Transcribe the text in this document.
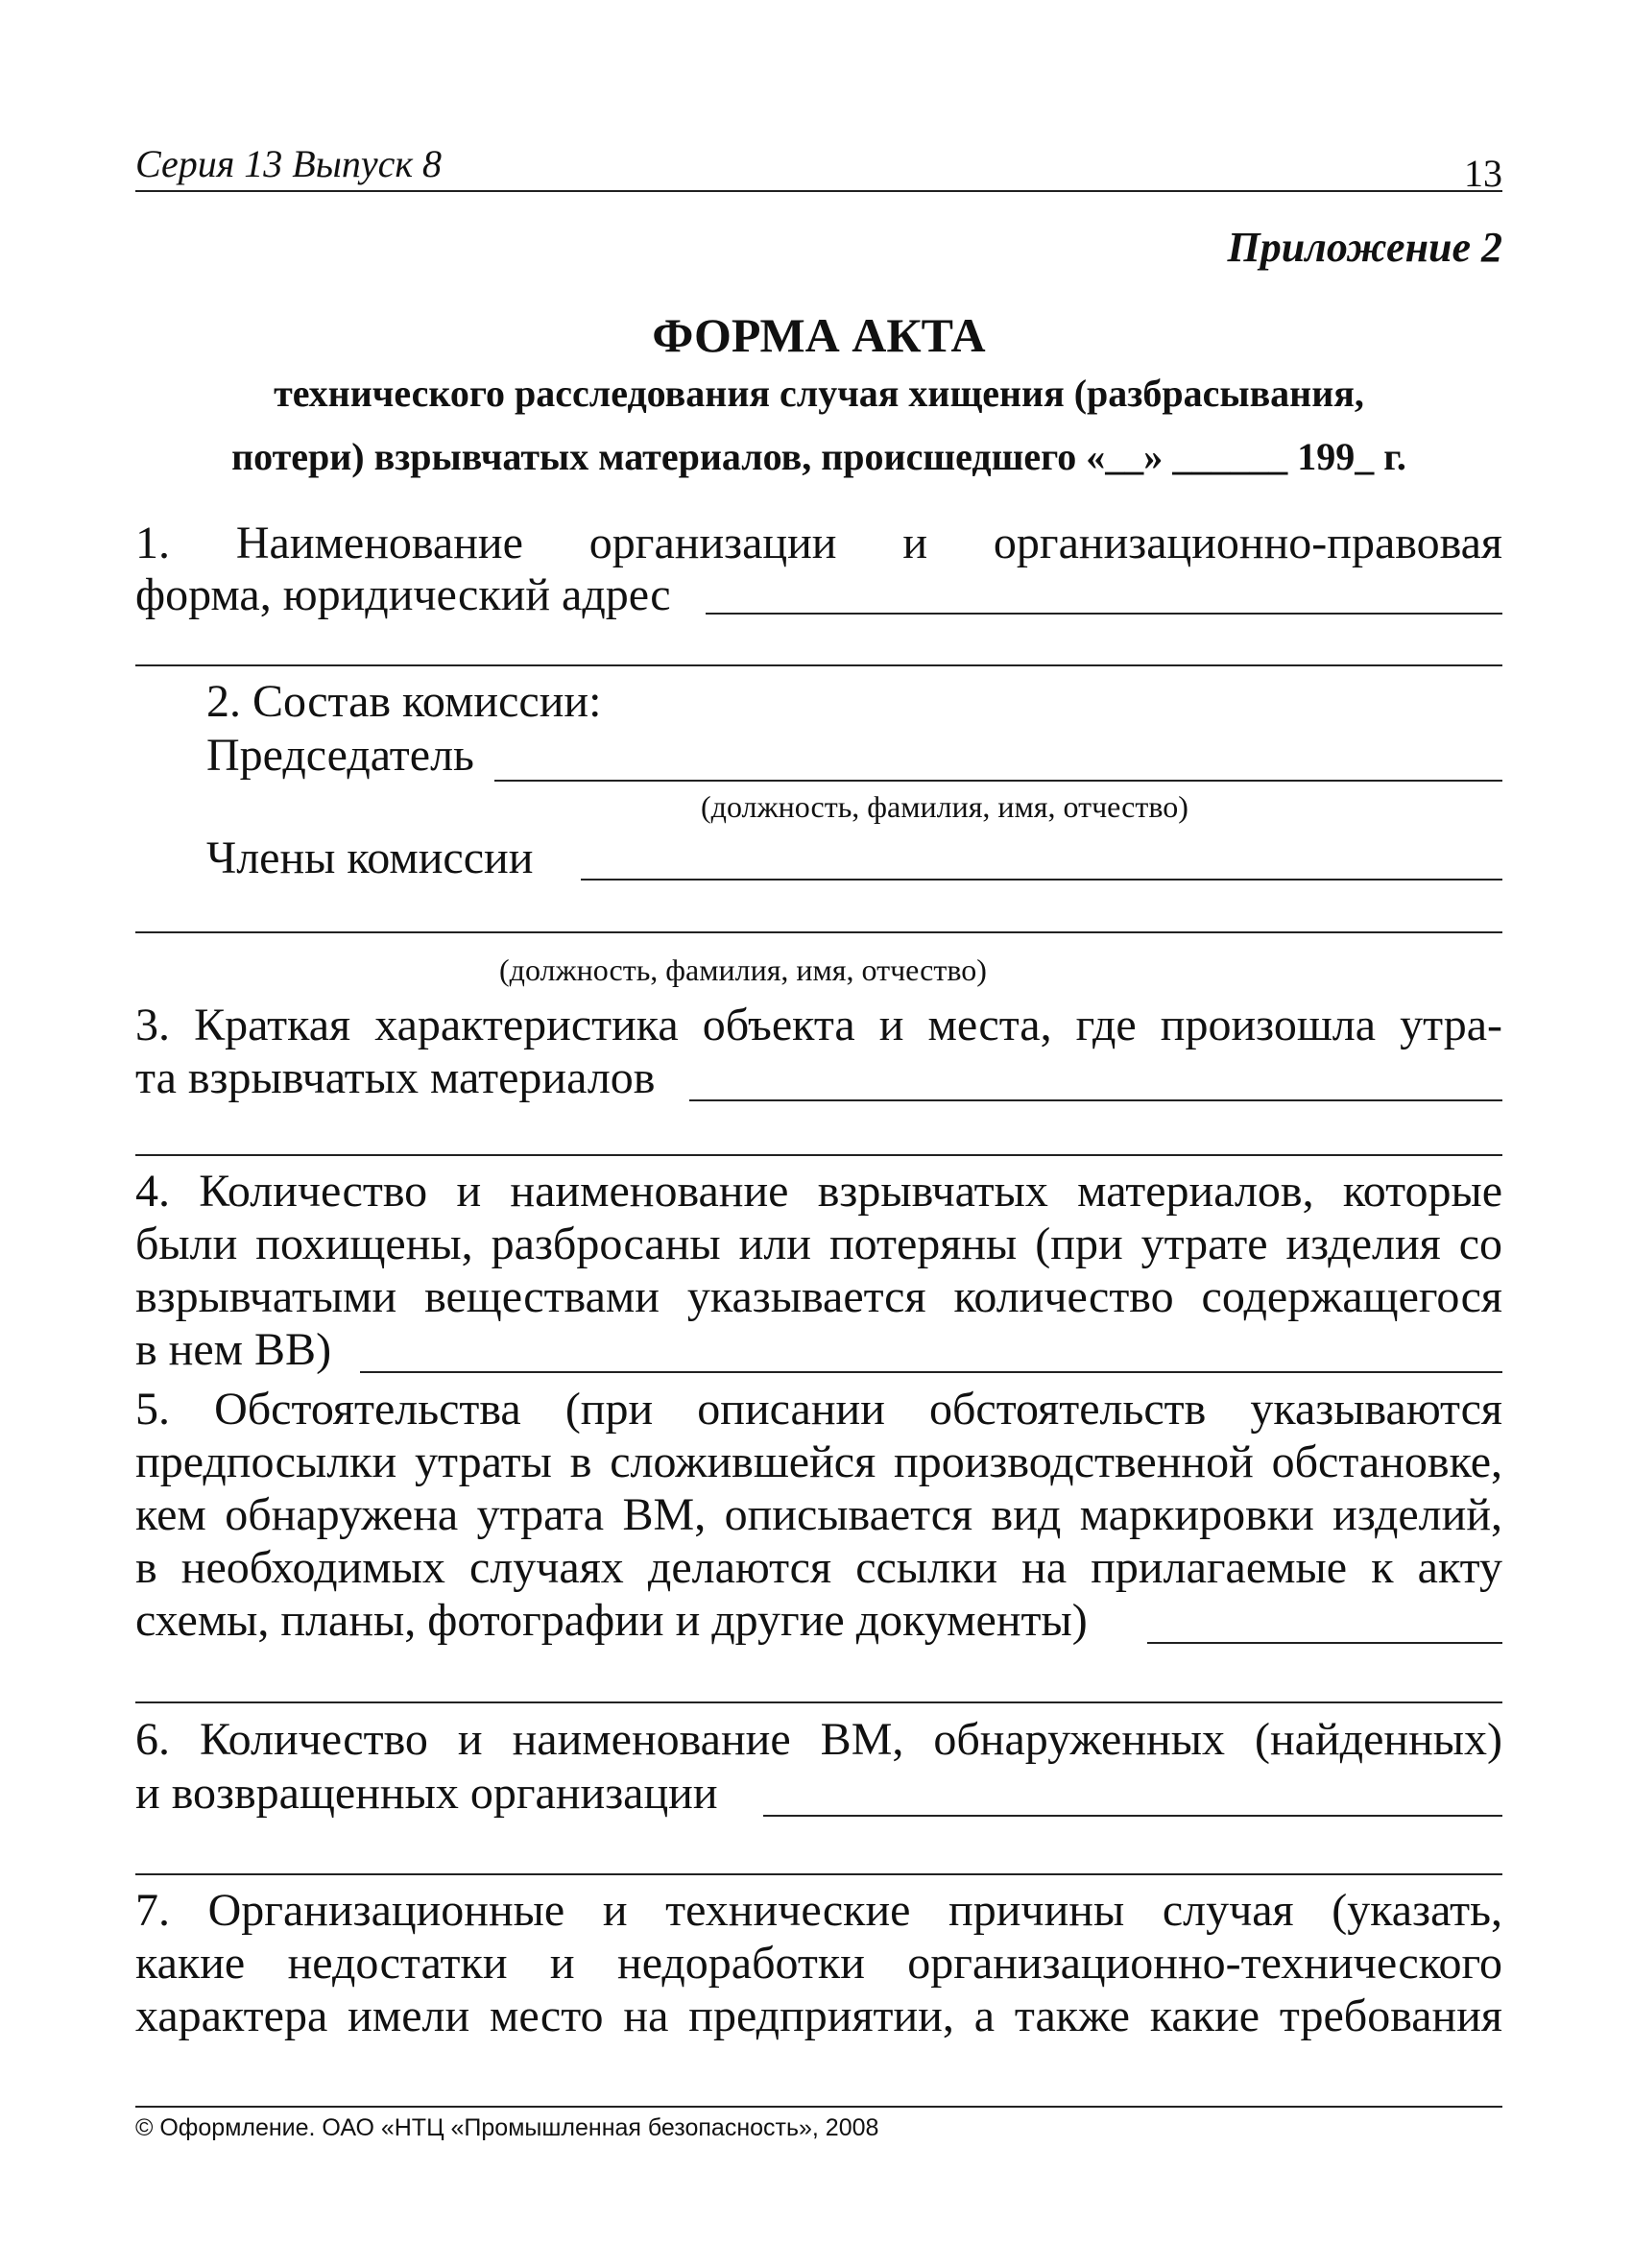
Серия 13 Выпуск 8	13
Приложение 2
ФОРМА АКТА
технического расследования случая хищения (разбрасывания,
потери) взрывчатых материалов, происшедшего «__» ______ 199_ г.
1. Наименование организации и организационно-правовая
форма, юридический адрес
2. Состав комиссии:
Председатель
(должность, фамилия, имя, отчество)
Члены комиссии
(должность, фамилия, имя, отчество)
3. Краткая характеристика объекта и места, где произошла утра-
та взрывчатых материалов
4. Количество и наименование взрывчатых материалов, которые
были похищены, разбросаны или потеряны (при утрате изделия со
взрывчатыми веществами указывается количество содержащегося
в нем ВВ)
5. Обстоятельства (при описании обстоятельств указываются
предпосылки утраты в сложившейся производственной обстановке,
кем обнаружена утрата ВМ, описывается вид маркировки изделий,
в необходимых случаях делаются ссылки на прилагаемые к акту
схемы, планы, фотографии и другие документы)
6. Количество и наименование ВМ, обнаруженных (найденных)
и возвращенных организации
7. Организационные и технические причины случая (указать,
какие недостатки и недоработки организационно-технического
характера имели место на предприятии, а также какие требования
© Оформление. ОАО «НТЦ «Промышленная безопасность», 2008
